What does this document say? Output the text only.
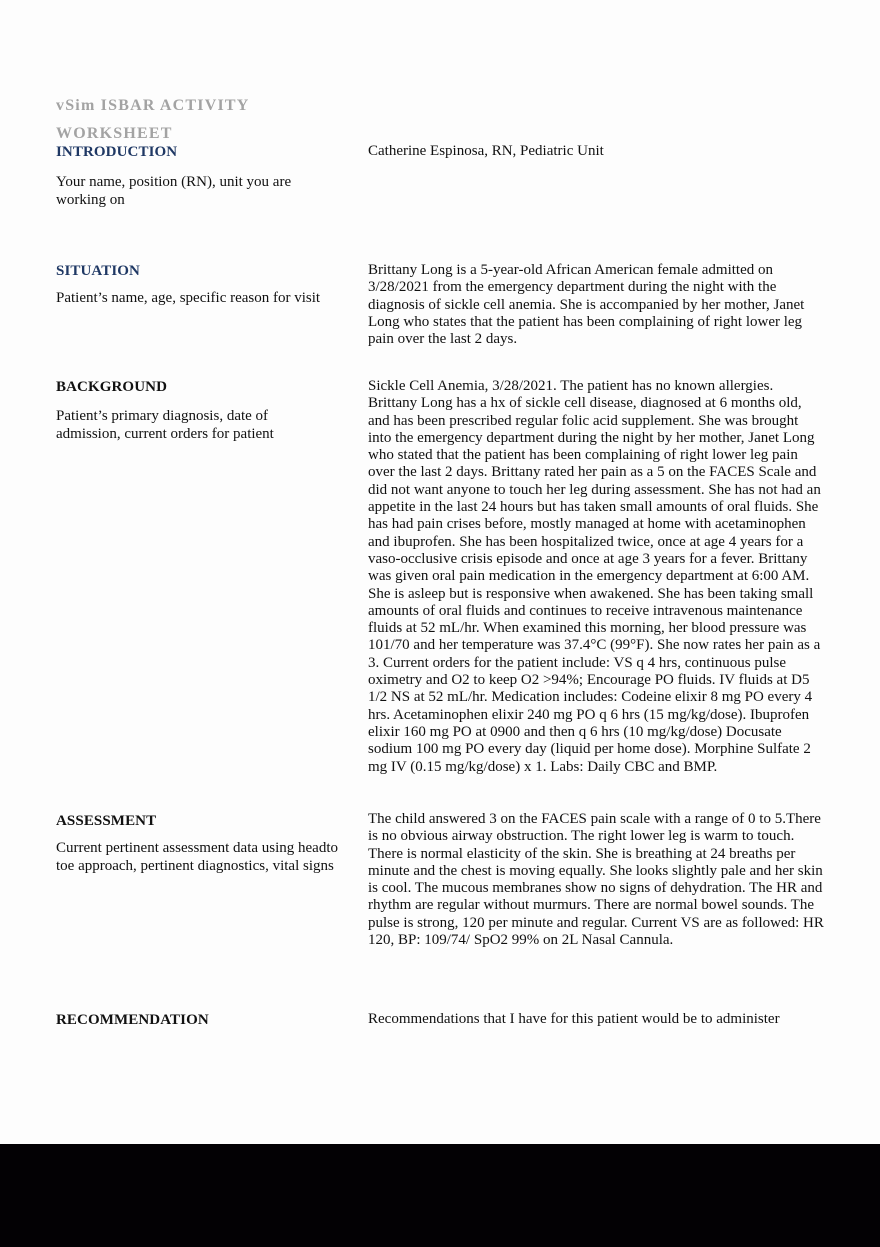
vSim ISBAR ACTIVITY WORKSHEET
INTRODUCTION
Your name, position (RN), unit you are working on
Catherine Espinosa, RN, Pediatric Unit
SITUATION
Patient’s name, age, specific reason for visit
Brittany Long is a 5-year-old African American female admitted on 3/28/2021 from the emergency department during the night with the diagnosis of sickle cell anemia. She is accompanied by her mother, Janet Long who states that the patient has been complaining of right lower leg pain over the last 2 days.
BACKGROUND
Patient’s primary diagnosis, date of admission, current orders for patient
Sickle Cell Anemia, 3/28/2021. The patient has no known allergies. Brittany Long has a hx of sickle cell disease, diagnosed at 6 months old, and has been prescribed regular folic acid supplement. She was brought into the emergency department during the night by her mother, Janet Long who stated that the patient has been complaining of right lower leg pain over the last 2 days. Brittany rated her pain as a 5 on the FACES Scale and did not want anyone to touch her leg during assessment. She has not had an appetite in the last 24 hours but has taken small amounts of oral fluids. She has had pain crises before, mostly managed at home with acetaminophen and ibuprofen. She has been hospitalized twice, once at age 4 years for a vaso-occlusive crisis episode and once at age 3 years for a fever. Brittany was given oral pain medication in the emergency department at 6:00 AM. She is asleep but is responsive when awakened. She has been taking small amounts of oral fluids and continues to receive intravenous maintenance fluids at 52 mL/hr. When examined this morning, her blood pressure was 101/70 and her temperature was 37.4°C (99°F). She now rates her pain as a 3. Current orders for the patient include: VS q 4 hrs, continuous pulse oximetry and O2 to keep O2 >94%; Encourage PO fluids. IV fluids at D5 1/2 NS at 52 mL/hr. Medication includes: Codeine elixir 8 mg PO every 4 hrs. Acetaminophen elixir 240 mg PO q 6 hrs (15 mg/kg/dose). Ibuprofen elixir 160 mg PO at 0900 and then q 6 hrs (10 mg/kg/dose) Docusate sodium 100 mg PO every day (liquid per home dose). Morphine Sulfate 2 mg IV (0.15 mg/kg/dose) x 1. Labs: Daily CBC and BMP.
ASSESSMENT
Current pertinent assessment data using headto toe approach, pertinent diagnostics, vital signs
The child answered 3 on the FACES pain scale with a range of 0 to 5.There is no obvious airway obstruction. The right lower leg is warm to touch. There is normal elasticity of the skin. She is breathing at 24 breaths per minute and the chest is moving equally. She looks slightly pale and her skin is cool. The mucous membranes show no signs of dehydration. The HR and rhythm are regular without murmurs. There are normal bowel sounds. The pulse is strong, 120 per minute and regular. Current VS are as followed: HR 120, BP: 109/74/ SpO2 99% on 2L Nasal Cannula.
RECOMMENDATION	Recommendations that I have for this patient would be to administer
